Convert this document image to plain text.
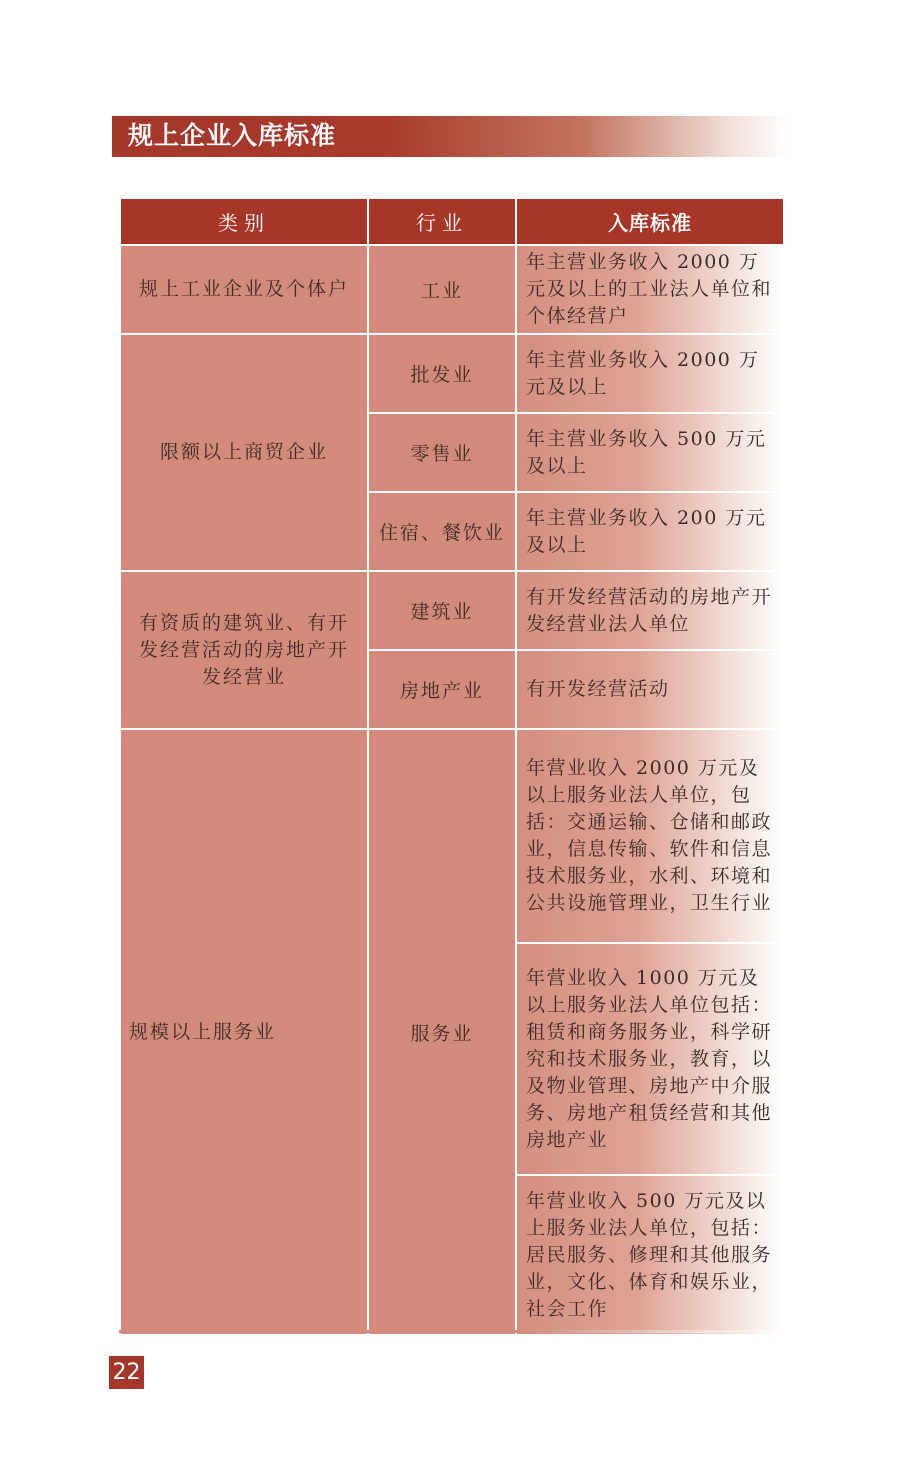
规上企业入库标准
类别	行业	入库标准
规上工业企业及个体户	工业	年主营业务收入 2000 万元及以上的工业法人单位和个体经营户
限额以上商贸企业	批发业	年主营业务收入 2000 万元及以上
	零售业	年主营业务收入 500 万元及以上
	住宿、餐饮业	年主营业务收入 200 万元及以上
有资质的建筑业、有开发经营活动的房地产开发经营业	建筑业	有开发经营活动的房地产开发经营业法人单位
	房地产业	有开发经营活动
规模以上服务业	服务业	年营业收入 2000 万元及以上服务业法人单位，包括：交通运输、仓储和邮政业，信息传输、软件和信息技术服务业，水利、环境和公共设施管理业，卫生行业
		年营业收入 1000 万元及以上服务业法人单位包括：租赁和商务服务业，科学研究和技术服务业，教育，以及物业管理、房地产中介服务、房地产租赁经营和其他房地产业
		年营业收入 500 万元及以上服务业法人单位，包括：居民服务、修理和其他服务业，文化、体育和娱乐业，社会工作
22
